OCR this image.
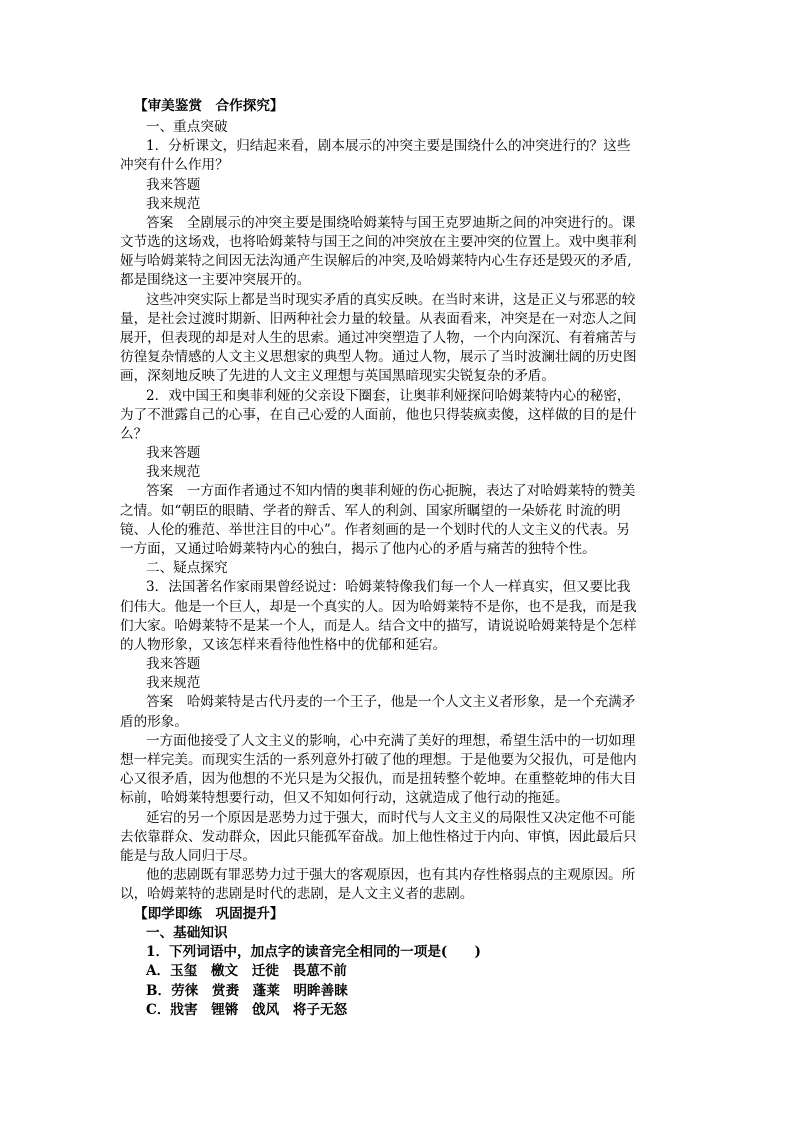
【审美鉴赏　合作探究】
一、重点突破
1．分析课文，归结起来看，剧本展示的冲突主要是围绕什么的冲突进行的？这些
冲突有什么作用？
我来答题
我来规范
答案　全剧展示的冲突主要是围绕哈姆莱特与国王克罗迪斯之间的冲突进行的。课
文节选的这场戏，也将哈姆莱特与国王之间的冲突放在主要冲突的位置上。戏中奥菲利
娅与哈姆莱特之间因无法沟通产生误解后的冲突,及哈姆莱特内心生存还是毁灭的矛盾,
都是围绕这一主要冲突展开的。
这些冲突实际上都是当时现实矛盾的真实反映。在当时来讲，这是正义与邪恶的较
量，是社会过渡时期新、旧两种社会力量的较量。从表面看来，冲突是在一对恋人之间
展开，但表现的却是对人生的思索。通过冲突塑造了人物，一个内向深沉、有着痛苦与
彷徨复杂情感的人文主义思想家的典型人物。通过人物，展示了当时波澜壮阔的历史图
画，深刻地反映了先进的人文主义理想与英国黑暗现实尖锐复杂的矛盾。
2．戏中国王和奥菲利娅的父亲设下圈套，让奥菲利娅探问哈姆莱特内心的秘密，
为了不泄露自己的心事，在自己心爱的人面前，他也只得装疯卖傻，这样做的目的是什
么？
我来答题
我来规范
答案　一方面作者通过不知内情的奥菲利娅的伤心扼腕，表达了对哈姆莱特的赞美
之情。如“朝臣的眼睛、学者的辩舌、军人的利剑、国家所瞩望的一朵娇花 时流的明
镜、人伦的雅范、举世注目的中心”。作者刻画的是一个划时代的人文主义的代表。另
一方面，又通过哈姆莱特内心的独白，揭示了他内心的矛盾与痛苦的独特个性。
二、疑点探究
3．法国著名作家雨果曾经说过：哈姆莱特像我们每一个人一样真实，但又要比我
们伟大。他是一个巨人，却是一个真实的人。因为哈姆莱特不是你，也不是我，而是我
们大家。哈姆莱特不是某一个人，而是人。结合文中的描写，请说说哈姆莱特是个怎样
的人物形象，又该怎样来看待他性格中的优郁和延宕。
我来答题
我来规范
答案　哈姆莱特是古代丹麦的一个王子，他是一个人文主义者形象，是一个充满矛
盾的形象。
一方面他接受了人文主义的影响，心中充满了美好的理想，希望生活中的一切如理
想一样完美。而现实生活的一系列意外打破了他的理想。于是他要为父报仇，可是他内
心又很矛盾，因为他想的不光只是为父报仇，而是扭转整个乾坤。在重整乾坤的伟大目
标前，哈姆莱特想要行动，但又不知如何行动，这就造成了他行动的拖延。
延宕的另一个原因是恶势力过于强大，而时代与人文主义的局限性又决定他不可能
去依靠群众、发动群众，因此只能孤军奋战。加上他性格过于内向、审慎，因此最后只
能是与敌人同归于尽。
他的悲剧既有罪恶势力过于强大的客观原因，也有其内存性格弱点的主观原因。所
以，哈姆莱特的悲剧是时代的悲剧，是人文主义者的悲剧。
【即学即练　巩固提升】
一、基础知识
1．下列词语中，加点字的读音完全相同的一项是(　　)
A．玉玺　檄文　迁徙　畏葸不前
B．劳徕　赏赉　蓬莱　明眸善睐
C．戕害　锂锵　戗风　将子无怒
